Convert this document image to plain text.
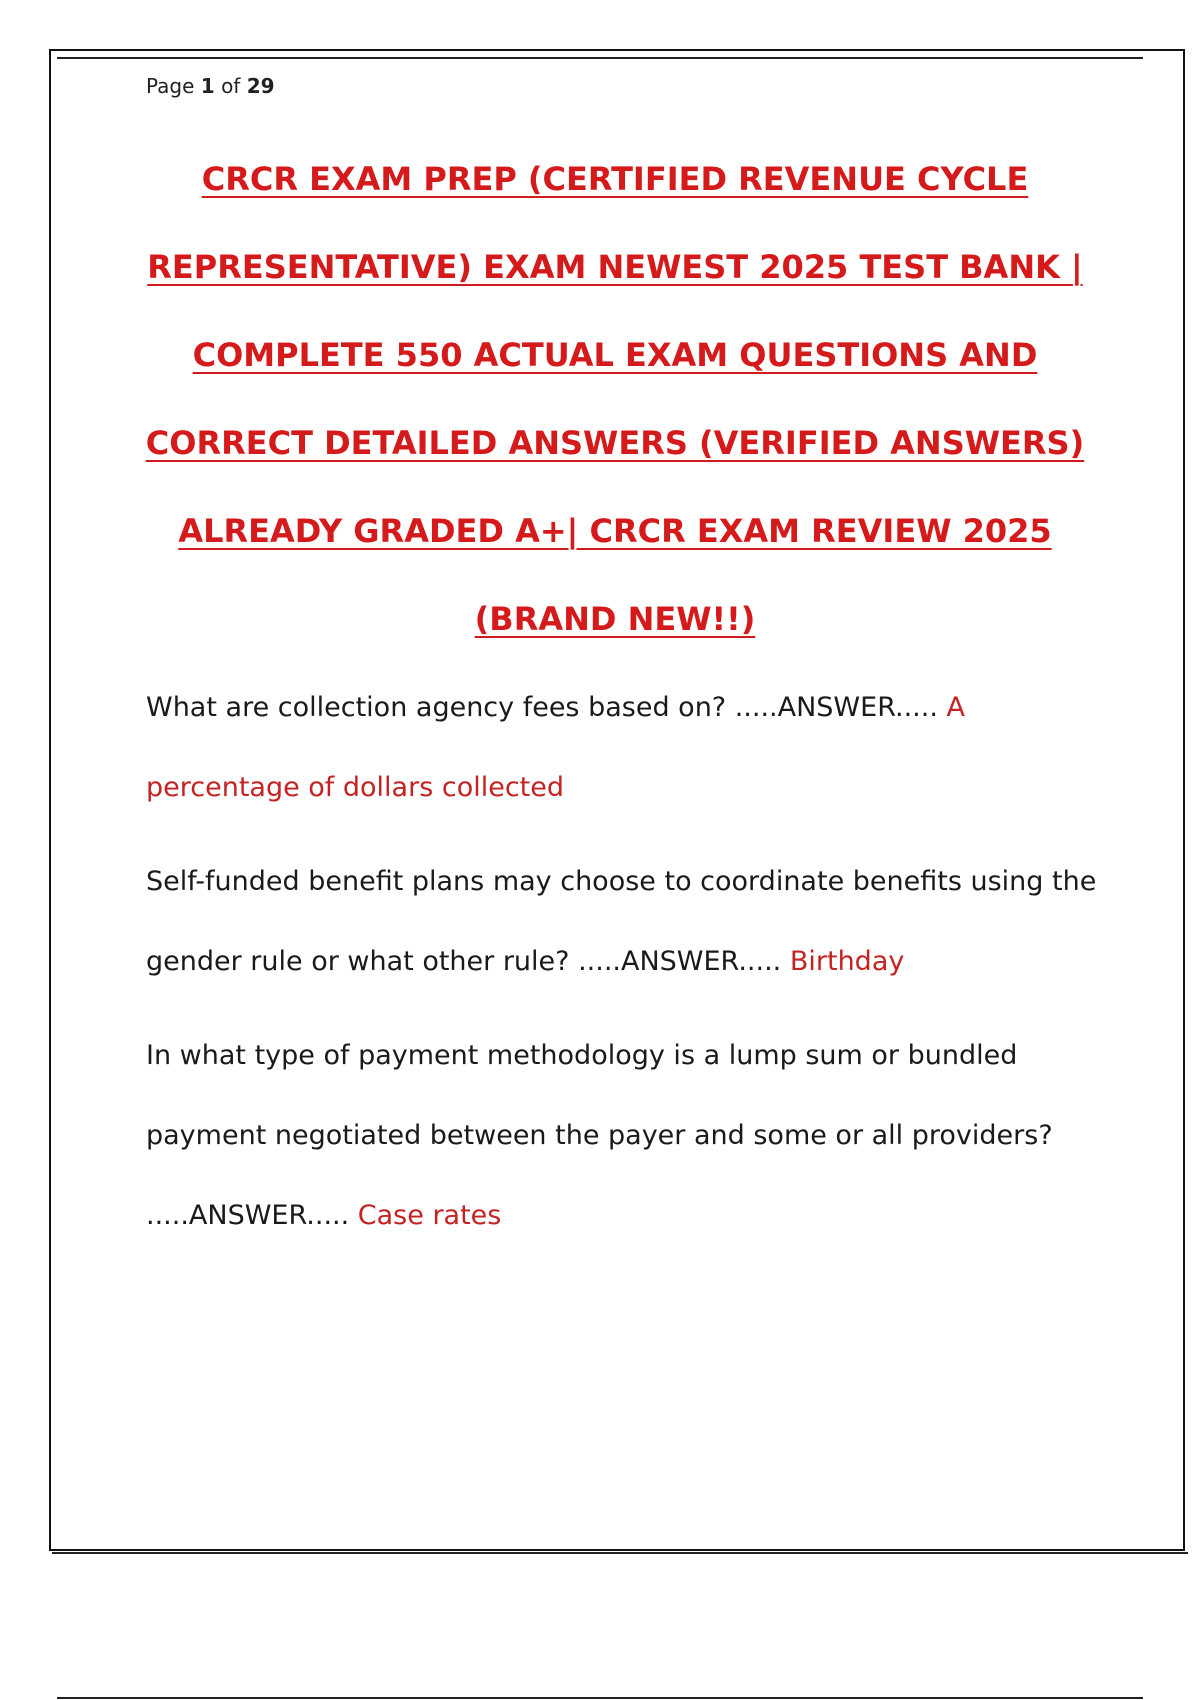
Page 1 of 29
CRCR EXAM PREP (CERTIFIED REVENUE CYCLE REPRESENTATIVE) EXAM NEWEST 2025 TEST BANK | COMPLETE 550 ACTUAL EXAM QUESTIONS AND CORRECT DETAILED ANSWERS (VERIFIED ANSWERS) ALREADY GRADED A+| CRCR EXAM REVIEW 2025 (BRAND NEW!!)

What are collection agency fees based on? .....ANSWER..... A percentage of dollars collected

Self-funded benefit plans may choose to coordinate benefits using the gender rule or what other rule? .....ANSWER..... Birthday

In what type of payment methodology is a lump sum or bundled payment negotiated between the payer and some or all providers? .....ANSWER..... Case rates
